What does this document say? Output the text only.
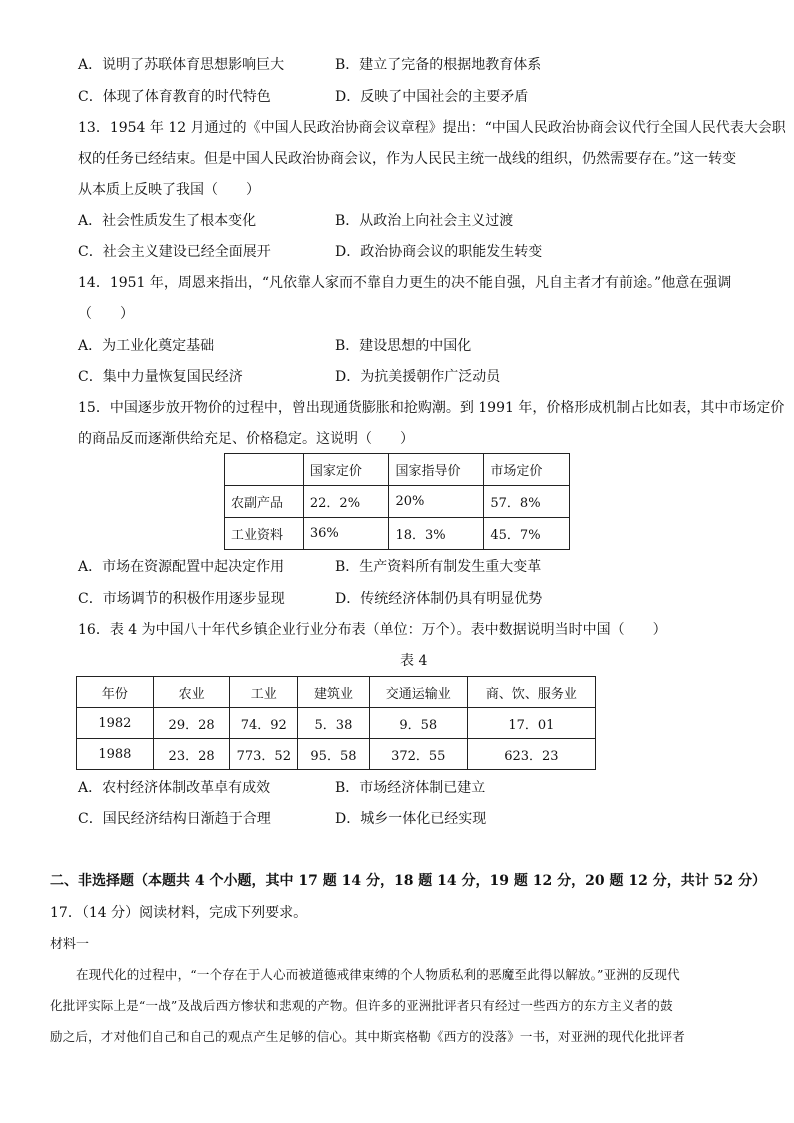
A．说明了苏联体育思想影响巨大	B．建立了完备的根据地教育体系
C．体现了体育教育的时代特色	D．反映了中国社会的主要矛盾
13．1954 年 12 月通过的《中国人民政治协商会议章程》提出：“中国人民政治协商会议代行全国人民代表大会职
权的任务已经结束。但是中国人民政治协商会议，作为人民民主统一战线的组织，仍然需要存在。”这一转变
从本质上反映了我国（　　）
A．社会性质发生了根本变化	B．从政治上向社会主义过渡
C．社会主义建设已经全面展开	D．政治协商会议的职能发生转变
14．1951 年，周恩来指出，“凡依靠人家而不靠自力更生的决不能自强，凡自主者才有前途。”他意在强调
（　　）
A．为工业化奠定基础	B．建设思想的中国化
C．集中力量恢复国民经济	D．为抗美援朝作广泛动员
15．中国逐步放开物价的过程中，曾出现通货膨胀和抢购潮。到 1991 年，价格形成机制占比如表，其中市场定价
的商品反而逐渐供给充足、价格稳定。这说明（　　）
	国家定价	国家指导价	市场定价
农副产品	22．2%	20%	57．8%
工业资料	36%	18．3%	45．7%
A．市场在资源配置中起决定作用	B．生产资料所有制发生重大变革
C．市场调节的积极作用逐步显现	D．传统经济体制仍具有明显优势
16．表 4 为中国八十年代乡镇企业行业分布表（单位：万个）。表中数据说明当时中国（　　）
表 4
年份	农业	工业	建筑业	交通运输业	商、饮、服务业
1982	29．28	74．92	5．38	9．58	17．01
1988	23．28	773．52	95．58	372．55	623．23
A．农村经济体制改革卓有成效	B．市场经济体制已建立
C．国民经济结构日渐趋于合理	D．城乡一体化已经实现
二、非选择题（本题共 4 个小题，其中 17 题 14 分，18 题 14 分，19 题 12 分，20 题 12 分，共计 52 分）
17．（14 分）阅读材料，完成下列要求。
材料一
在现代化的过程中，“一个存在于人心而被道德戒律束缚的个人物质私利的恶魔至此得以解放。”亚洲的反现代
化批评实际上是“一战”及战后西方惨状和悲观的产物。但许多的亚洲批评者只有经过一些西方的东方主义者的鼓
励之后，才对他们自己和自己的观点产生足够的信心。其中斯宾格勒《西方的没落》一书，对亚洲的现代化批评者
